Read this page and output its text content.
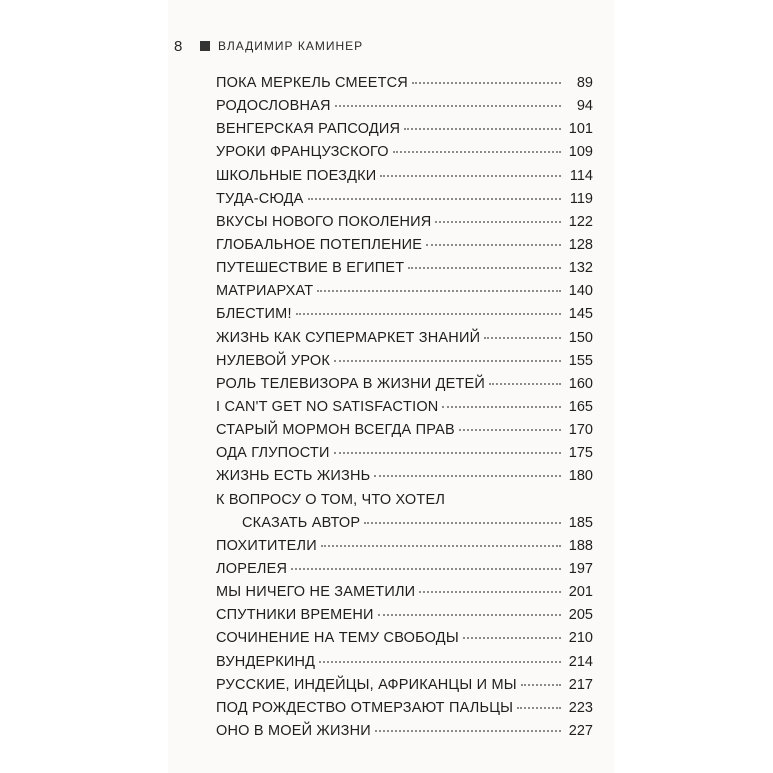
8	ВЛАДИМИР КАМИНЕР
ПОКА МЕРКЕЛЬ СМЕЕТСЯ	89
РОДОСЛОВНАЯ	94
ВЕНГЕРСКАЯ РАПСОДИЯ	101
УРОКИ ФРАНЦУЗСКОГО	109
ШКОЛЬНЫЕ ПОЕЗДКИ	114
ТУДА-СЮДА	119
ВКУСЫ НОВОГО ПОКОЛЕНИЯ	122
ГЛОБАЛЬНОЕ ПОТЕПЛЕНИЕ	128
ПУТЕШЕСТВИЕ В ЕГИПЕТ	132
МАТРИАРХАТ	140
БЛЕСТИМ!	145
ЖИЗНЬ КАК СУПЕРМАРКЕТ ЗНАНИЙ	150
НУЛЕВОЙ УРОК	155
РОЛЬ ТЕЛЕВИЗОРА В ЖИЗНИ ДЕТЕЙ	160
I CAN'T GET NO SATISFACTION	165
СТАРЫЙ МОРМОН ВСЕГДА ПРАВ	170
ОДА ГЛУПОСТИ	175
ЖИЗНЬ ЕСТЬ ЖИЗНЬ	180
К ВОПРОСУ О ТОМ, ЧТО ХОТЕЛ
СКАЗАТЬ АВТОР	185
ПОХИТИТЕЛИ	188
ЛОРЕЛЕЯ	197
МЫ НИЧЕГО НЕ ЗАМЕТИЛИ	201
СПУТНИКИ ВРЕМЕНИ	205
СОЧИНЕНИЕ НА ТЕМУ СВОБОДЫ	210
ВУНДЕРКИНД	214
РУССКИЕ, ИНДЕЙЦЫ, АФРИКАНЦЫ И МЫ	217
ПОД РОЖДЕСТВО ОТМЕРЗАЮТ ПАЛЬЦЫ	223
ОНО В МОЕЙ ЖИЗНИ	227
